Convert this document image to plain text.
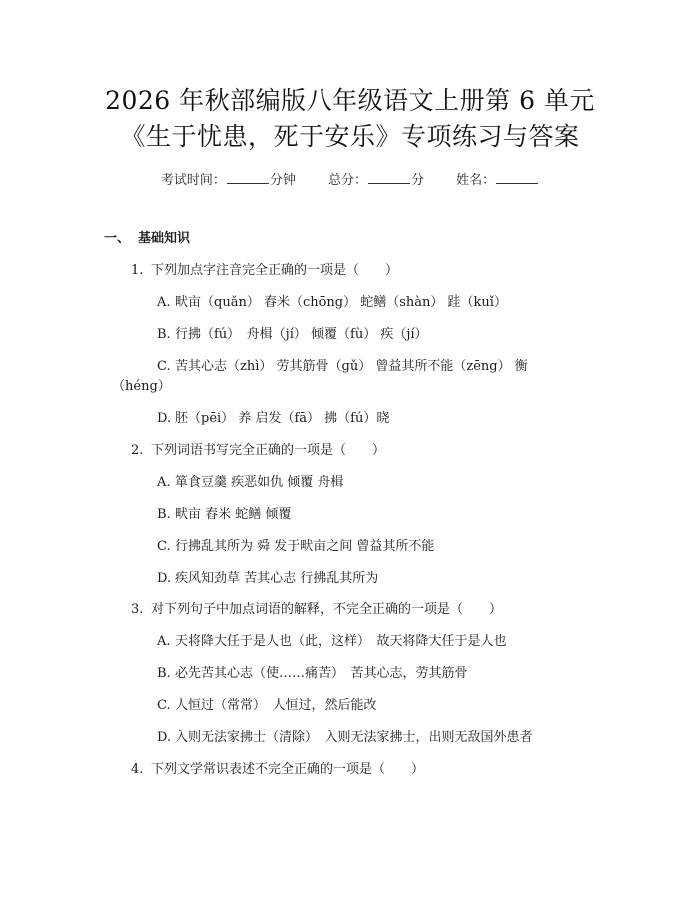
2026 年秋部编版八年级语文上册第 6 单元
《生于忧患，死于安乐》专项练习与答案
考试时间：	分钟 总分：	分 姓名：
一、 基础知识
1. 下列加点字注音完全正确的一项是（　　）
A. 畎亩（quǎn） 舂米（chōng） 蛇鳝（shàn） 跬（kuǐ）
B. 行拂（fú）　舟楫（jí） 倾覆（fù） 疾（jí）
C. 苦其心志（zhì） 劳其筋骨（gǔ） 曾益其所不能（zēng） 衡
（héng）
D. 胚（pēi） 养 启发（fā） 拂（fú）晓
2. 下列词语书写完全正确的一项是（　　）
A. 箪食豆羹 疾恶如仇 倾覆 舟楫
B. 畎亩 舂米 蛇鳝 倾覆
C. 行拂乱其所为 舜 发于畎亩之间 曾益其所不能
D. 疾风知劲草 苦其心志 行拂乱其所为
3. 对下列句子中加点词语的解释，不完全正确的一项是（　　）
A. 天将降大任于是人也（此，这样）　故天将降大任于是人也
B. 必先苦其心志（使……痛苦）　苦其心志，劳其筋骨
C. 人恒过（常常）　人恒过，然后能改
D. 入则无法家拂士（清除）　入则无法家拂士，出则无敌国外患者
4. 下列文学常识表述不完全正确的一项是（　　）
